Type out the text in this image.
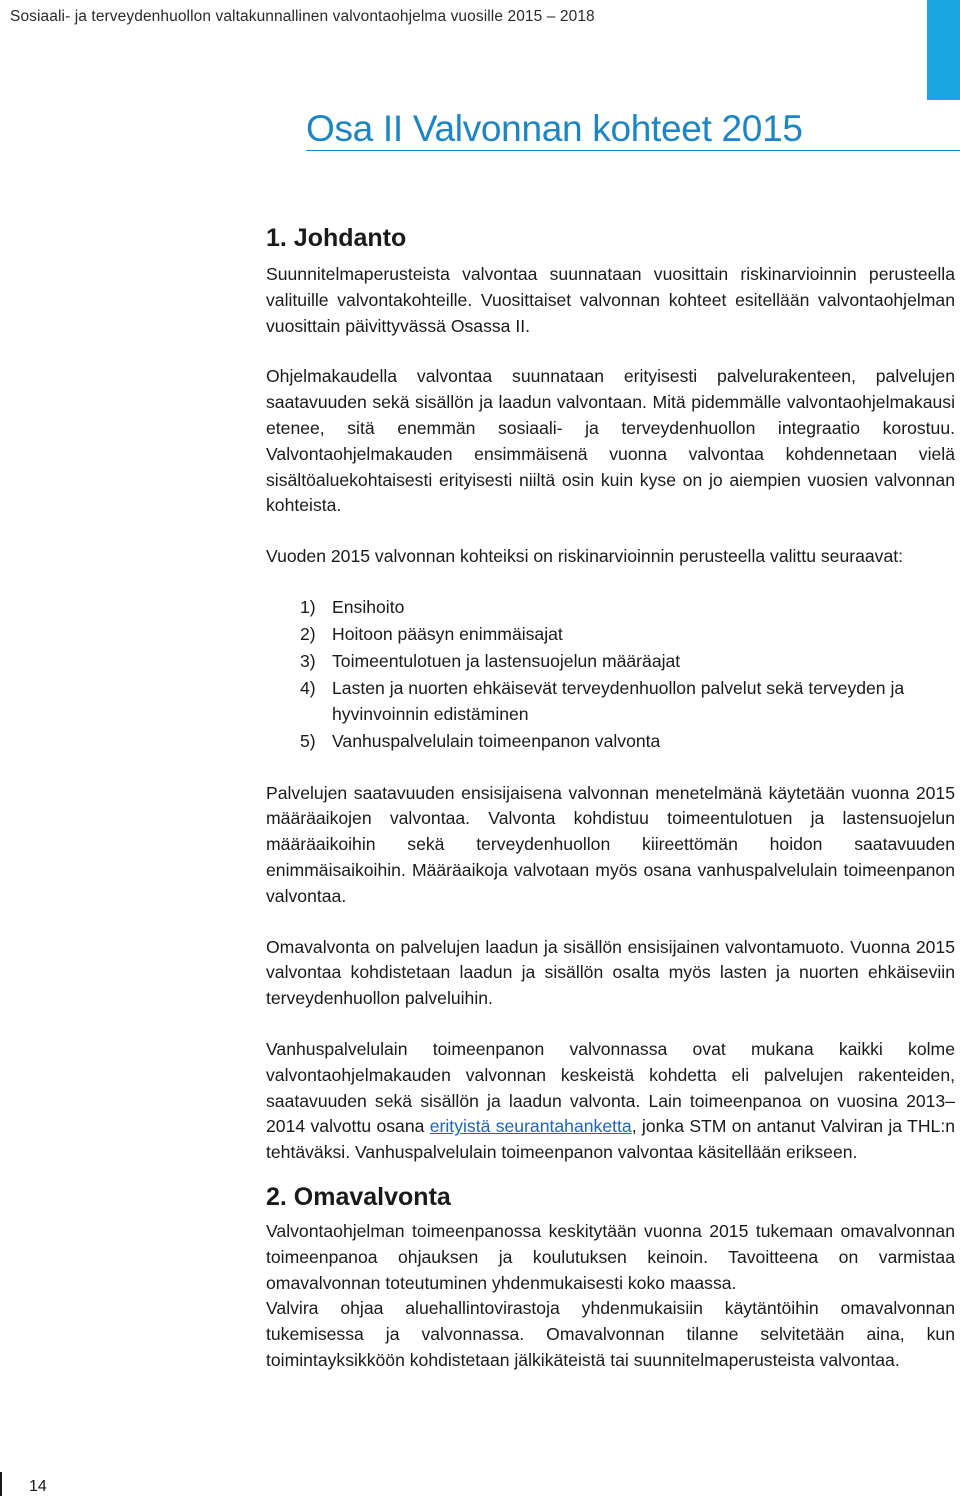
Sosiaali- ja terveydenhuollon valtakunnallinen valvontaohjelma vuosille 2015 – 2018
Osa II Valvonnan kohteet 2015
1. Johdanto

Suunnitelmaperusteista valvontaa suunnataan vuosittain riskinarvioinnin perusteella valituille valvontakohteille. Vuosittaiset valvonnan kohteet esitellään valvontaohjelman vuosittain päivittyvässä Osassa II.

Ohjelmakaudella valvontaa suunnataan erityisesti palvelurakenteen, palvelujen saatavuuden sekä sisällön ja laadun valvontaan. Mitä pidemmälle valvontaohjelmakausi etenee, sitä enemmän sosiaali- ja terveydenhuollon integraatio korostuu. Valvontaohjelmakauden ensimmäisenä vuonna valvontaa kohdennetaan vielä sisältöaluekohtaisesti erityisesti niiltä osin kuin kyse on jo aiempien vuosien valvonnan kohteista.

Vuoden 2015 valvonnan kohteiksi on riskinarvioinnin perusteella valittu seuraavat:

1) Ensihoito
2) Hoitoon pääsyn enimmäisajat
3) Toimeentulotuen ja lastensuojelun määräajat
4) Lasten ja nuorten ehkäisevät terveydenhuollon palvelut sekä terveyden ja hyvinvoinnin edistäminen
5) Vanhuspalvelulain toimeenpanon valvonta

Palvelujen saatavuuden ensisijaisena valvonnan menetelmänä käytetään vuonna 2015 määräaikojen valvontaa. Valvonta kohdistuu toimeentulotuen ja lastensuojelun määräaikoihin sekä terveydenhuollon kiireettömän hoidon saatavuuden enimmäisaikoihin. Määräaikoja valvotaan myös osana vanhuspalvelulain toimeenpanon valvontaa.

Omavalvonta on palvelujen laadun ja sisällön ensisijainen valvontamuoto. Vuonna 2015 valvontaa kohdistetaan laadun ja sisällön osalta myös lasten ja nuorten ehkäiseviin terveydenhuollon palveluihin.

Vanhuspalvelulain toimeenpanon valvonnassa ovat mukana kaikki kolme valvontaohjelmakauden valvonnan keskeistä kohdetta eli palvelujen rakenteiden, saatavuuden sekä sisällön ja laadun valvonta. Lain toimeenpanoa on vuosina 2013–2014 valvottu osana erityistä seurantahanketta, jonka STM on antanut Valviran ja THL:n tehtäväksi. Vanhuspalvelulain toimeenpanon valvontaa käsitellään erikseen.

2. Omavalvonta

Valvontaohjelman toimeenpanossa keskitytään vuonna 2015 tukemaan omavalvonnan toimeenpanoa ohjauksen ja koulutuksen keinoin. Tavoitteena on varmistaa omavalvonnan toteutuminen yhdenmukaisesti koko maassa.

Valvira ohjaa aluehallintovirastoja yhdenmukaisiin käytäntöihin omavalvonnan tukemisessa ja valvonnassa. Omavalvonnan tilanne selvitetään aina, kun toimintayksikköön kohdistetaan jälkikäteistä tai suunnitelmaperusteista valvontaa.

14
